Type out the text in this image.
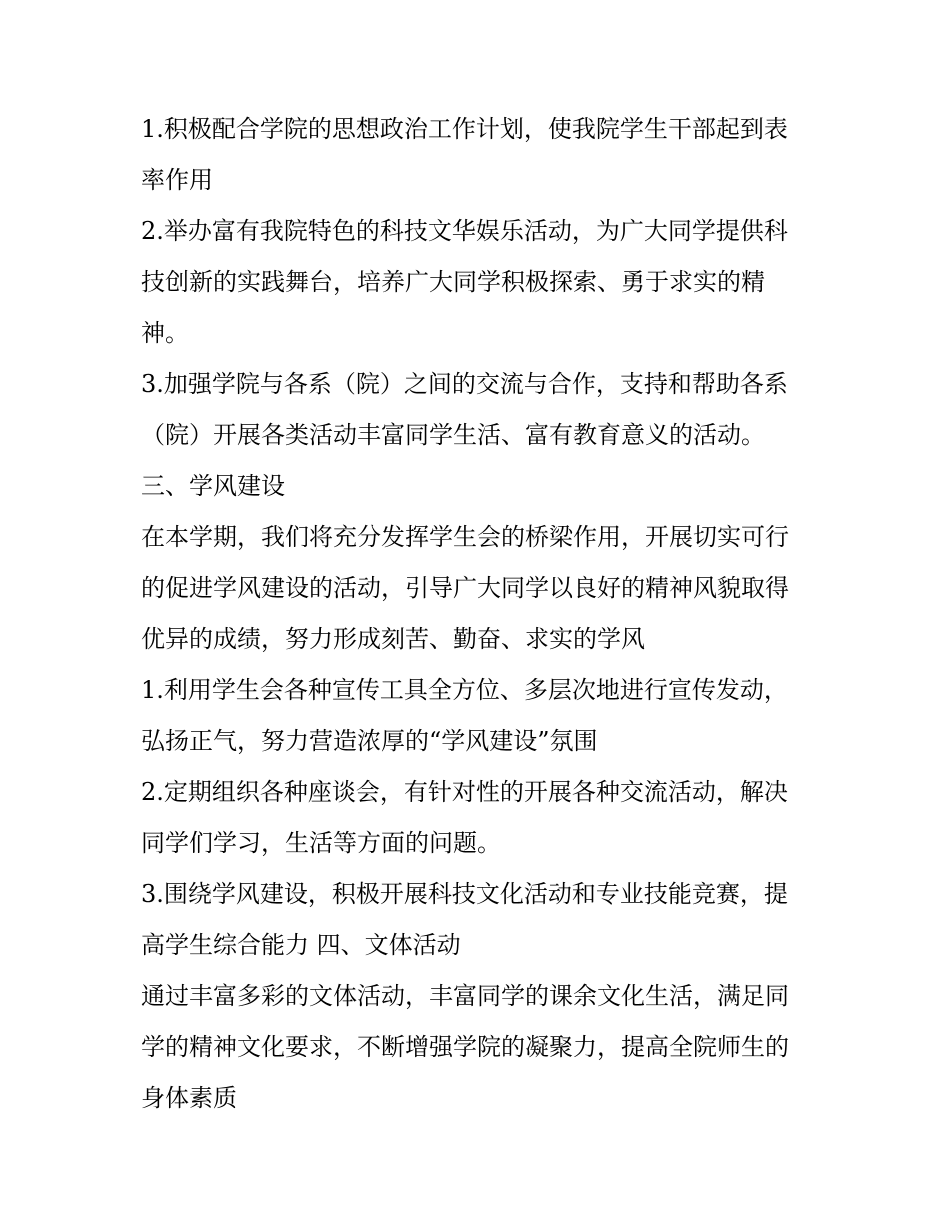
1.积极配合学院的思想政治工作计划，使我院学生干部起到表
率作用
2.举办富有我院特色的科技文华娱乐活动，为广大同学提供科
技创新的实践舞台，培养广大同学积极探索、勇于求实的精
神。
3.加强学院与各系（院）之间的交流与合作，支持和帮助各系
（院）开展各类活动丰富同学生活、富有教育意义的活动。
三、学风建设
在本学期，我们将充分发挥学生会的桥梁作用，开展切实可行
的促进学风建设的活动，引导广大同学以良好的精神风貌取得
优异的成绩，努力形成刻苦、勤奋、求实的学风
1.利用学生会各种宣传工具全方位、多层次地进行宣传发动，
弘扬正气，努力营造浓厚的“学风建设”氛围
2.定期组织各种座谈会，有针对性的开展各种交流活动，解决
同学们学习，生活等方面的问题。
3.围绕学风建设，积极开展科技文化活动和专业技能竞赛，提
高学生综合能力 四、文体活动
通过丰富多彩的文体活动，丰富同学的课余文化生活，满足同
学的精神文化要求，不断增强学院的凝聚力，提高全院师生的
身体素质
